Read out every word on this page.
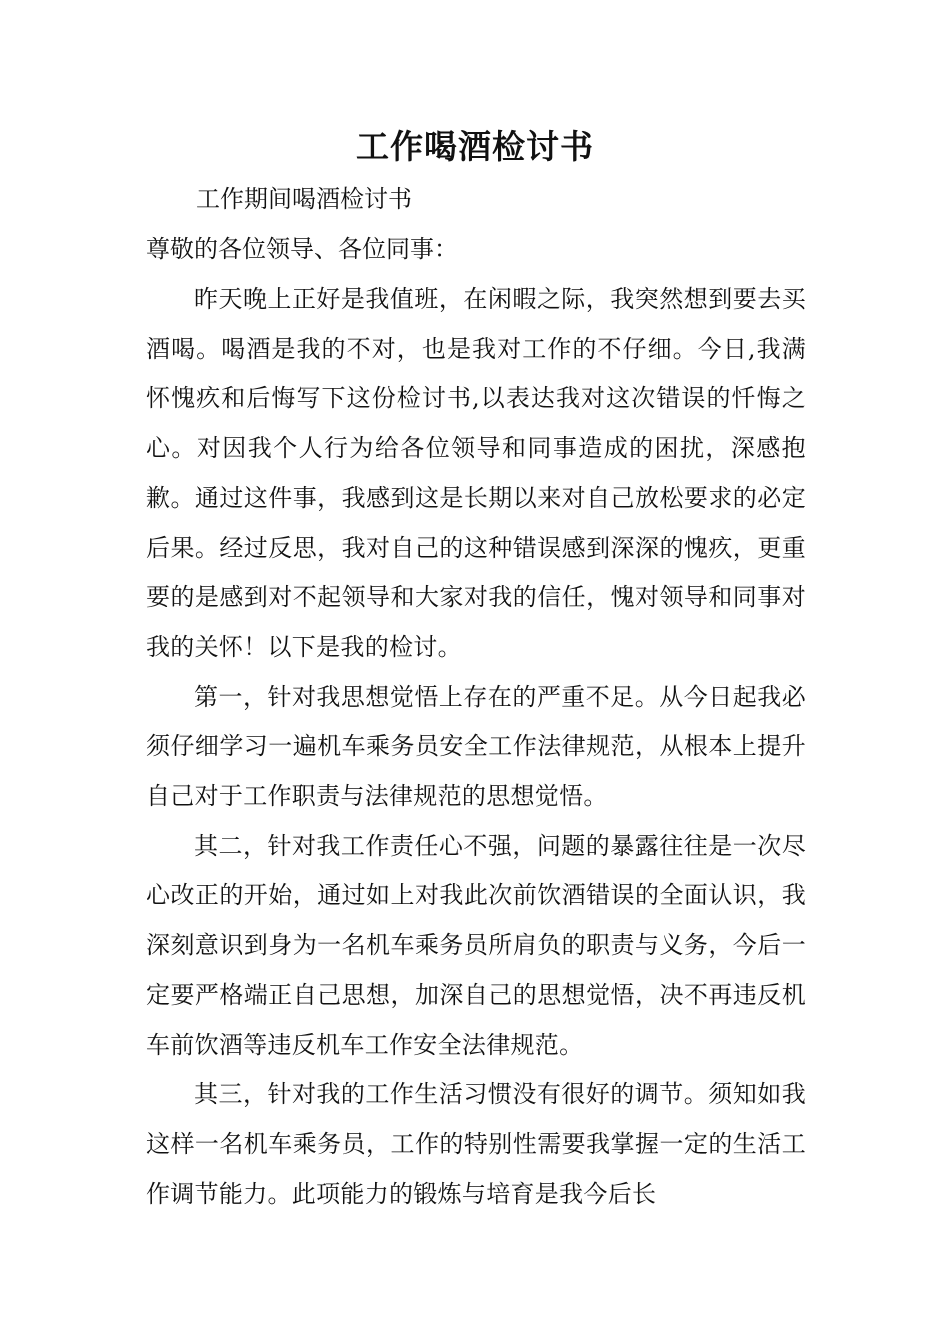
工作喝酒检讨书
工作期间喝酒检讨书
尊敬的各位领导、各位同事：

昨天晚上正好是我值班，在闲暇之际，我突然想到要去买酒喝。喝酒是我的不对，也是我对工作的不仔细。今日,我满怀愧疚和后悔写下这份检讨书,以表达我对这次错误的忏悔之心。对因我个人行为给各位领导和同事造成的困扰，深感抱歉。通过这件事，我感到这是长期以来对自己放松要求的必定后果。经过反思，我对自己的这种错误感到深深的愧疚，更重要的是感到对不起领导和大家对我的信任，愧对领导和同事对我的关怀！以下是我的检讨。

第一，针对我思想觉悟上存在的严重不足。从今日起我必须仔细学习一遍机车乘务员安全工作法律规范，从根本上提升自己对于工作职责与法律规范的思想觉悟。

其二，针对我工作责任心不强，问题的暴露往往是一次尽心改正的开始，通过如上对我此次前饮酒错误的全面认识，我深刻意识到身为一名机车乘务员所肩负的职责与义务，今后一定要严格端正自己思想，加深自己的思想觉悟，决不再违反机车前饮酒等违反机车工作安全法律规范。

其三，针对我的工作生活习惯没有很好的调节。须知如我这样一名机车乘务员，工作的特别性需要我掌握一定的生活工作调节能力。此项能力的锻炼与培育是我今后长
